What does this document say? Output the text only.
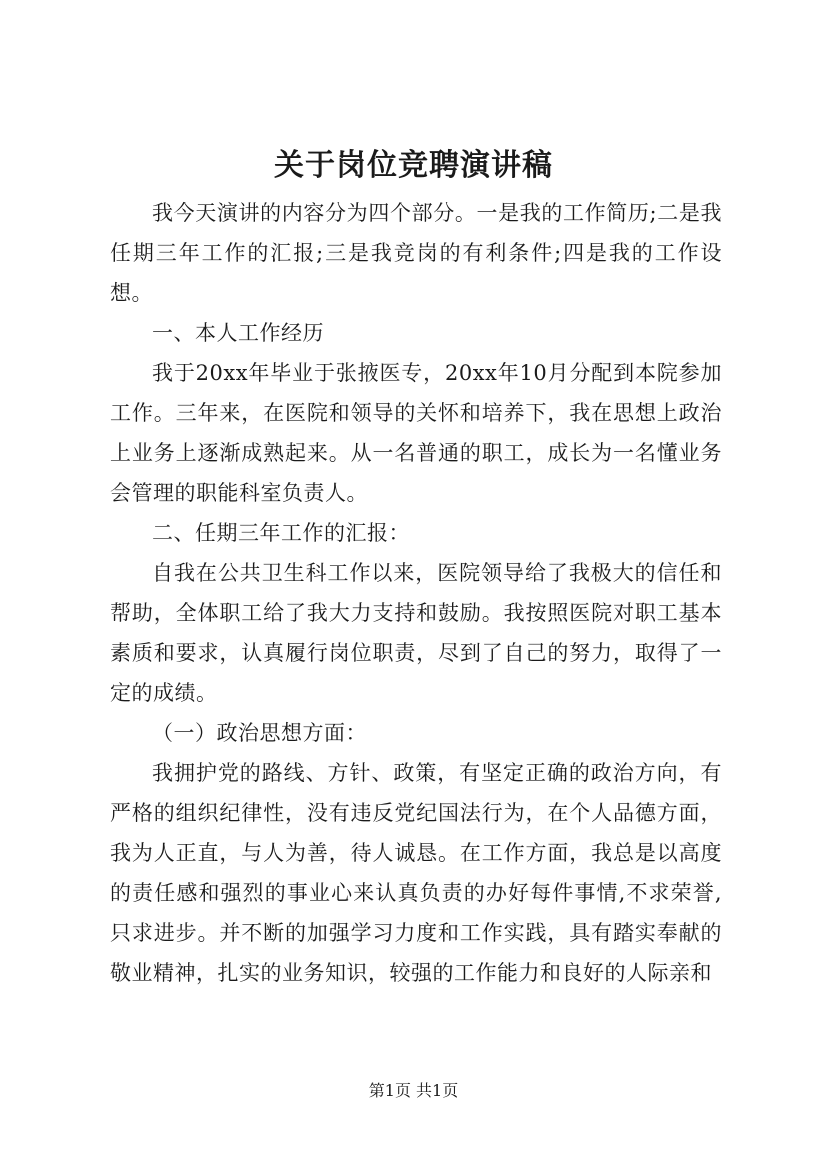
关于岗位竞聘演讲稿

我今天演讲的内容分为四个部分。一是我的工作简历;二是我任期三年工作的汇报;三是我竞岗的有利条件;四是我的工作设想。

一、本人工作经历

我于20xx年毕业于张掖医专，20xx年10月分配到本院参加工作。三年来，在医院和领导的关怀和培养下，我在思想上政治上业务上逐渐成熟起来。从一名普通的职工，成长为一名懂业务会管理的职能科室负责人。

二、任期三年工作的汇报：

自我在公共卫生科工作以来，医院领导给了我极大的信任和帮助，全体职工给了我大力支持和鼓励。我按照医院对职工基本素质和要求，认真履行岗位职责，尽到了自己的努力，取得了一定的成绩。

（一）政治思想方面：

我拥护党的路线、方针、政策，有坚定正确的政治方向，有严格的组织纪律性，没有违反党纪国法行为，在个人品德方面，我为人正直，与人为善，待人诚恳。在工作方面，我总是以高度的责任感和强烈的事业心来认真负责的办好每件事情,不求荣誉,只求进步。并不断的加强学习力度和工作实践，具有踏实奉献的敬业精神，扎实的业务知识，较强的工作能力和良好的人际亲和

第1页 共1页
